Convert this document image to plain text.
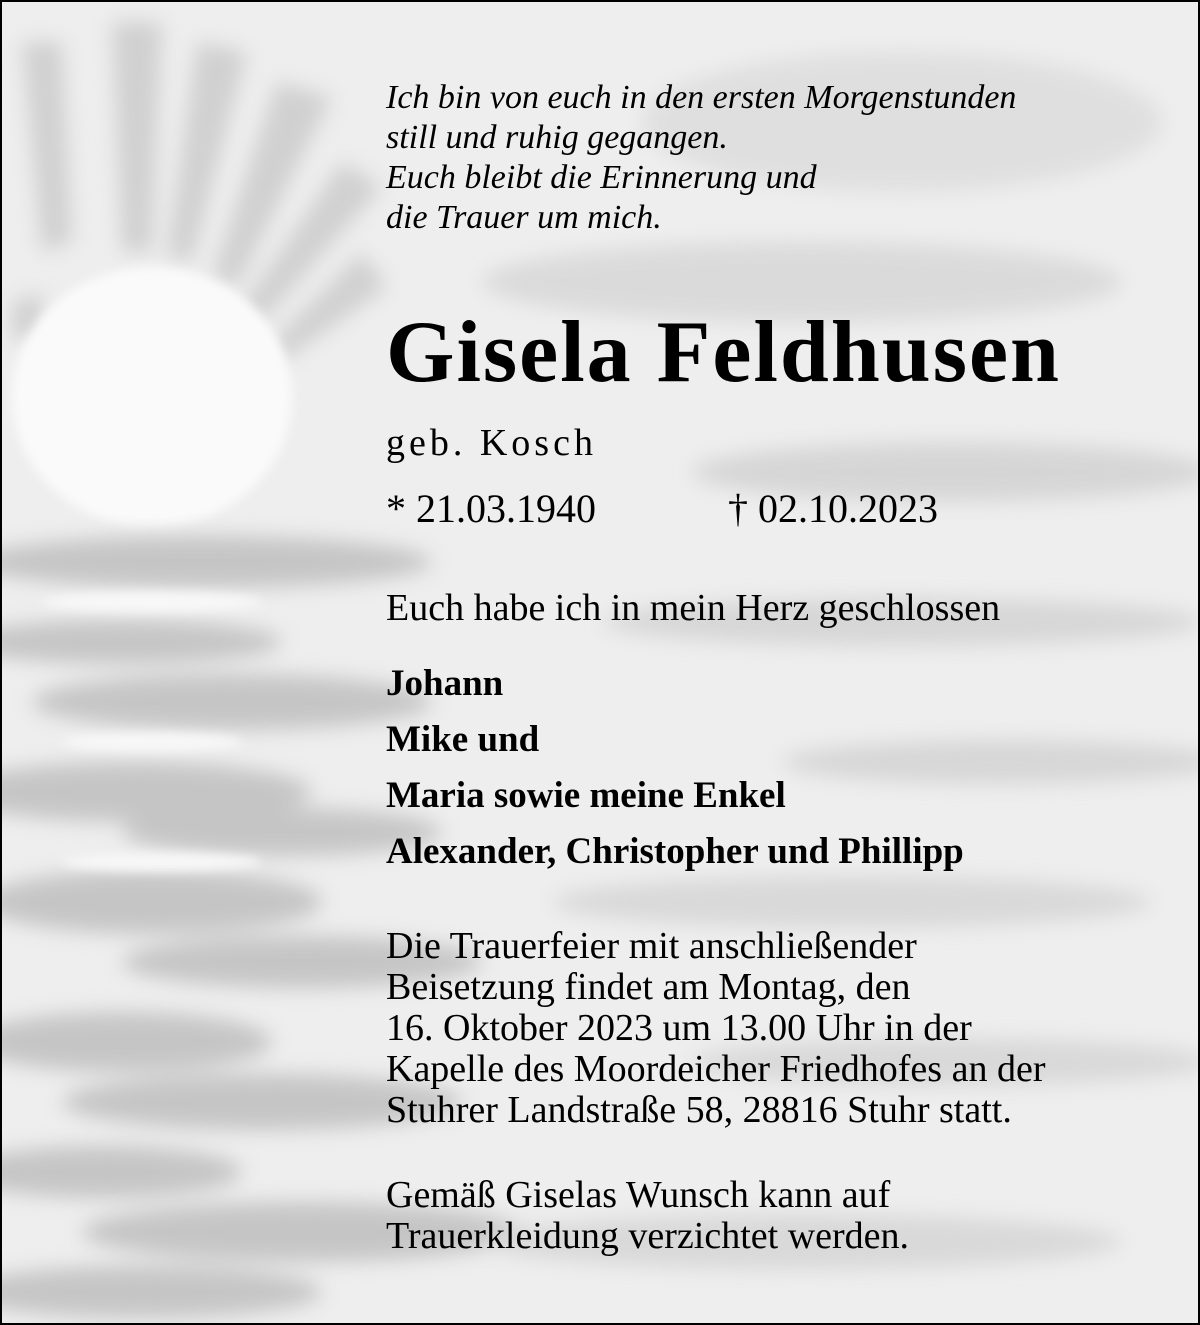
Ich bin von euch in den ersten Morgenstunden
still und ruhig gegangen.
Euch bleibt die Erinnerung und
die Trauer um mich.
Gisela Feldhusen
geb. Kosch
* 21.03.1940	† 02.10.2023
Euch habe ich in mein Herz geschlossen
Johann
Mike und
Maria sowie meine Enkel
Alexander, Christopher und Phillipp
Die Trauerfeier mit anschließender
Beisetzung findet am Montag, den
16. Oktober 2023 um 13.00 Uhr in der
Kapelle des Moordeicher Friedhofes an der
Stuhrer Landstraße 58, 28816 Stuhr statt.
Gemäß Giselas Wunsch kann auf
Trauerkleidung verzichtet werden.
